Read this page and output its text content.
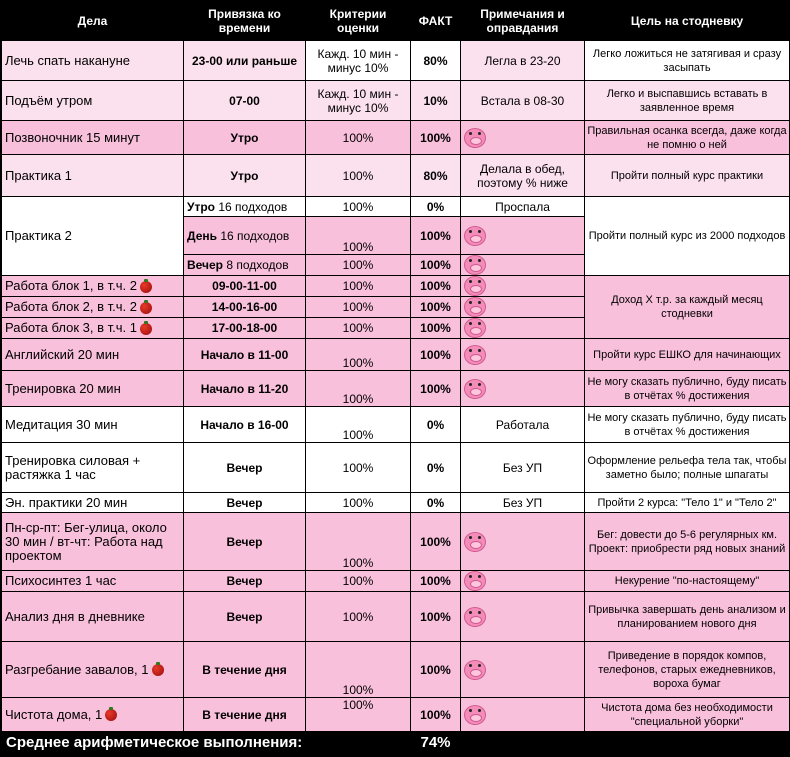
Дела	Привязка ко времени	Критерии оценки	ФАКТ	Примечания и оправдания	Цель на стодневку
Лечь спать накануне	23-00 или раньше	Кажд. 10 мин - минус 10%	80%	Легла в 23-20	Легко ложиться не затягивая и сразу засыпать
Подъём утром	07-00	Кажд. 10 мин - минус 10%	10%	Встала в 08-30	Легко и выспавшись вставать в заявленное время
Позвоночник 15 минут	Утро	100%	100%		Правильная осанка всегда, даже когда не помню о ней
Практика 1	Утро	100%	80%	Делала в обед, поэтому % ниже	Пройти полный курс практики
Практика 2	Утро 16 подходов	100%	0%	Проспала	Пройти полный курс из 2000 подходов
	День 16 подходов	100%	100%		
	Вечер 8 подходов	100%	100%		
Работа блок 1, в т.ч. 2	09-00-11-00	100%	100%		Доход Х т.р. за каждый месяц стодневки
Работа блок 2, в т.ч. 2	14-00-16-00	100%	100%		
Работа блок 3, в т.ч. 1	17-00-18-00	100%	100%		
Английский 20 мин	Начало в 11-00	100%	100%		Пройти курс ЕШКО для начинающих
Тренировка 20 мин	Начало в 11-20	100%	100%		Не могу сказать публично, буду писать в отчётах % достижения
Медитация 30 мин	Начало в 16-00	100%	0%	Работала	Не могу сказать публично, буду писать в отчётах % достижения
Тренировка силовая + растяжка 1 час	Вечер	100%	0%	Без УП	Оформление рельефа тела так, чтобы заметно было; полные шпагаты
Эн. практики 20 мин	Вечер	100%	0%	Без УП	Пройти 2 курса: "Тело 1" и "Тело 2"
Пн-ср-пт: Бег-улица, около 30 мин / вт-чт: Работа над проектом	Вечер	100%	100%		Бег: довести до 5-6 регулярных км. Проект: приобрести ряд новых знаний
Психосинтез 1 час	Вечер	100%	100%		Некурение "по-настоящему"
Анализ дня в дневнике	Вечер	100%	100%		Привычка завершать день анализом и планированием нового дня
Разгребание завалов, 1	В течение дня	100%	100%		Приведение в порядок компов, телефонов, старых ежедневников, вороха бумаг
Чистота дома, 1	В течение дня	100%	100%		Чистота дома без необходимости "специальной уборки"
Среднее арифметическое выполнения:			74%		
